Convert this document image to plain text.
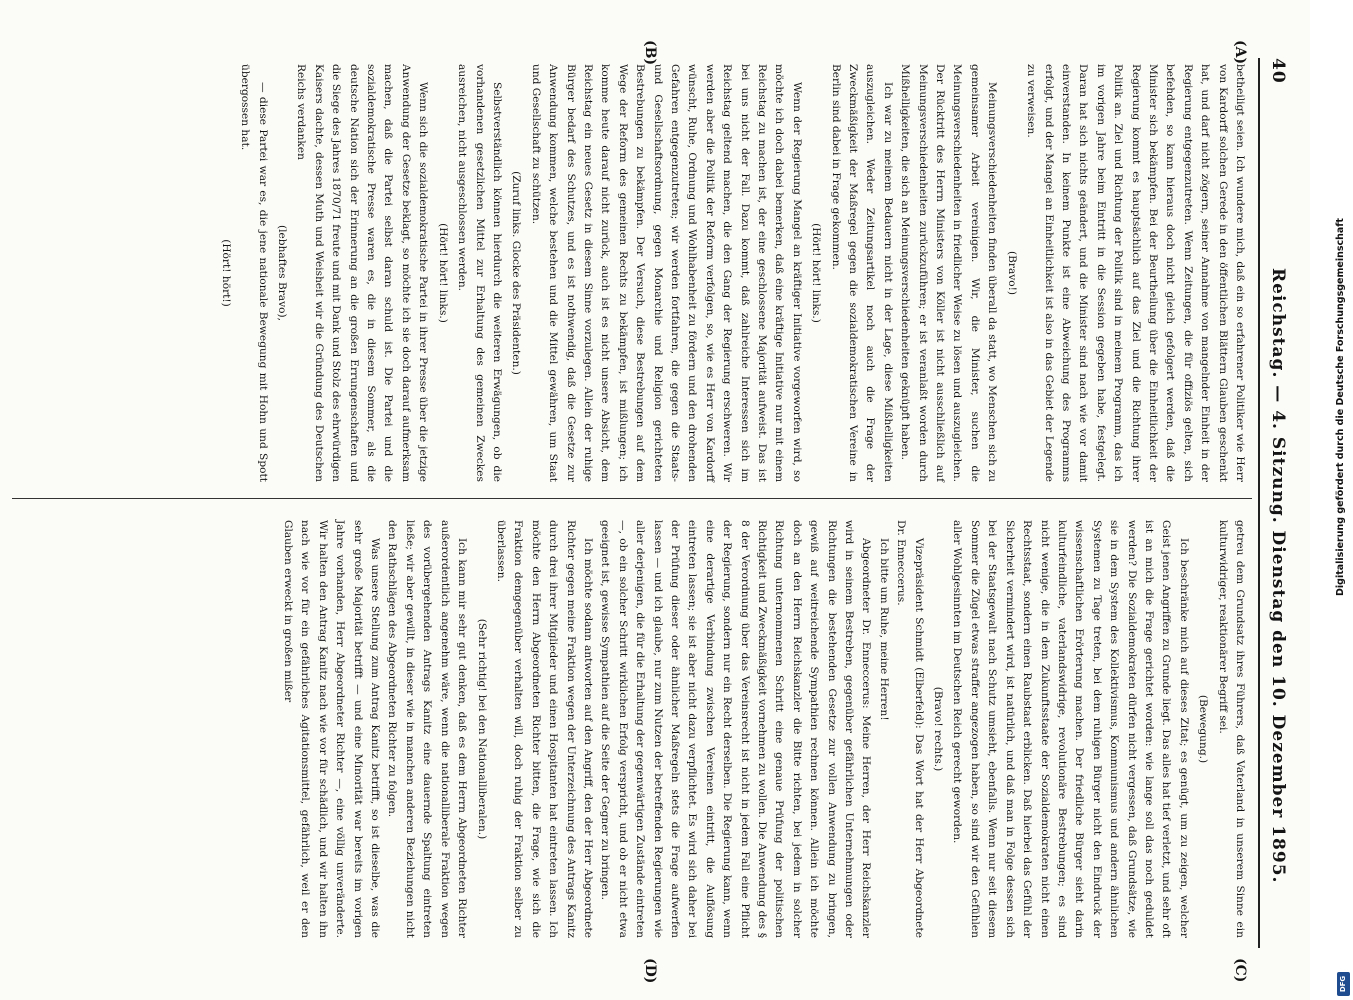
40
Reichstag. — 4. Sitzung. Dienstag den 10. Dezember 1895.
(A)
(B)
(C)
(D)

betheiligt seien. Ich wundere mich, daß ein so erfahrener Politiker wie Herr von Kardorff solchen Gerede in den öffentlichen Blättern Glauben geschenkt hat, und darf nicht zögern, seiner Annahme von mangelnder Einheit in der Regierung entgegenzutreten. Wenn Zeitungen, die für offiziös gelten, sich befehden, so kann hieraus doch nicht gleich gefolgert werden, daß die Minister sich bekämpfen. Bei der Beurtheilung über die Einheitlichkeit der Regierung kommt es hauptsächlich auf das Ziel und die Richtung ihrer Politik an. Ziel und Richtung der Politik sind in meinem Programm, das ich im vorigen Jahre beim Eintritt in die Session gegeben habe, festgelegt. Daran hat sich nichts geändert, und die Minister sind nach wie vor damit einverstanden. In keinem Punkte ist eine Abweichung des Programms erfolgt, und der Mangel an Einheitlichkeit ist also in das Gebiet der Legende zu verweisen.

(Bravo!)

Meinungsverschiedenheiten finden überall da statt, wo Menschen sich zu gemeinsamer Arbeit vereinigen. Wir, die Minister, suchen die Meinungsverschiedenheiten in friedlicher Weise zu lösen und auszugleichen. Der Rücktritt des Herrn Ministers von Köller ist nicht ausschließlich auf Meinungsverschiedenheiten zurückzuführen; er ist veranlaßt worden durch Mißhelligkeiten, die sich an Meinungsverschiedenheiten geknüpft haben.

Ich war zu meinem Bedauern nicht in der Lage, diese Mißhelligkeiten auszugleichen. Weder Zeitungsartikel noch auch die Frage der Zweckmäßigkeit der Maßregel gegen die sozialdemokratischen Vereine in Berlin sind dabei in Frage gekommen.

(Hört! hört! links.)

Wenn der Regierung Mangel an kräftiger Initiative vorgeworfen wird, so möchte ich doch dabei bemerken, daß eine kräftige Initiative nur mit einem Reichstag zu machen ist, der eine geschlossene Majorität aufweist. Das ist bei uns nicht der Fall. Dazu kommt, daß zahlreiche Interessen sich im Reichstag geltend machen, die den Gang der Regierung erschweren. Wir werden aber die Politik der Reform verfolgen, so, wie es Herr von Kardorff wünscht, Ruhe, Ordnung und Wohlhabenheit zu fördern und den drohenden Gefahren entgegenzutreten; wir werden fortfahren, die gegen die Staats- und Gesellschaftsordnung, gegen Monarchie und Religion gerichteten Bestrebungen zu bekämpfen. Der Versuch, diese Bestrebungen auf dem Wege der Reform des gemeinen Rechts zu bekämpfen, ist mißlungen; ich komme heute darauf nicht zurück, auch ist es nicht unsere Absicht, dem Reichstag ein neues Gesetz in diesem Sinne vorzulegen. Allein der ruhige Bürger bedarf des Schutzes, und es ist nothwendig, daß die Gesetze zur Anwendung kommen, welche bestehen und die Mittel gewähren, um Staat und Gesellschaft zu schützen.

(Zuruf links. Glocke des Präsidenten.)

Selbstverständlich können hierdurch die weiteren Erwägungen, ob die vorhandenen gesetzlichen Mittel zur Erhaltung des gemeinen Zweckes ausreichen, nicht ausgeschlossen werden.

(Hört! hört! links.)

Wenn sich die sozialdemokratische Partei in ihrer Presse über die jetzige Anwendung der Gesetze beklagt, so möchte ich sie doch darauf aufmerksam machen, daß die Partei selbst daran schuld ist. Die Partei und die sozialdemokratische Presse waren es, die in diesem Sommer, als die deutsche Nation sich der Erinnerung an die großen Errungenschaften und die Siege des Jahres 1870/71 freute und mit Dank und Stolz des ehrwürdigen Kaisers dachte, dessen Muth und Weisheit wir die Gründung des Deutschen Reichs verdanken

(lebhaftes Bravo),

— diese Partei war es, die jene nationale Bewegung mit Hohn und Spott übergossen hat.

(Hört! hört!)

getreu dem Grundsatz ihres Führers, daß Vaterland in unserem Sinne ein kulturwidriger, reaktionärer Begriff sei.

(Bewegung.)

Ich beschränke mich auf dieses Zitat; es genügt, um zu zeigen, welcher Geist jenen Angriffen zu Grunde liegt. Das alles hat tief verletzt, und sehr oft ist an mich die Frage gerichtet worden: wie lange soll das noch geduldet werden? Die Sozialdemokraten dürfen nicht vergessen, daß Grundsätze, wie sie in dem System des Kollektivismus, Kommunismus und andern ähnlichen Systemen zu Tage treten, bei dem ruhigen Bürger nicht den Eindruck der wissenschaftlichen Erörterung machen. Der friedliche Bürger sieht darin kulturfeindliche, vaterlandswidrige, revolutionäre Bestrebungen; es sind nicht wenige, die in dem Zukunftsstaate der Sozialdemokraten nicht einen Rechtsstaat, sondern einen Raubstaat erblicken. Daß hierbei das Gefühl der Sicherheit vermindert wird, ist natürlich, und daß man in Folge dessen sich bei der Staatsgewalt nach Schutz umsieht, ebenfalls. Wenn nur seit diesem Sommer die Zügel etwas straffer angezogen haben, so sind wir den Gefühlen aller Wohlgesinnten im Deutschen Reich gerecht geworden.

(Bravo! rechts.)

Vizepräsident Schmidt (Elberfeld): Das Wort hat der Herr Abgeordnete Dr. Enneccerus.

Ich bitte um Ruhe, meine Herren!

Abgeordneter Dr. Enneccerus: Meine Herren, der Herr Reichskanzler wird in seinem Bestreben, gegenüber gefährlichen Unternehmungen oder Richtungen die bestehenden Gesetze zur vollen Anwendung zu bringen, gewiß auf weitreichende Sympathien rechnen können. Allein ich möchte doch an den Herrn Reichskanzler die Bitte richten, bei jedem in solcher Richtung unternommenen Schritt eine genaue Prüfung der politischen Richtigkeit und Zweckmäßigkeit vornehmen zu wollen. Die Anwendung des § 8 der Verordnung über das Vereinsrecht ist nicht in jedem Fall eine Pflicht der Regierung, sondern nur ein Recht derselben. Die Regierung kann, wenn eine derartige Verbindung zwischen Vereinen eintritt, die Auflösung eintreten lassen; sie ist aber nicht dazu verpflichtet. Es wird sich daher bei der Prüfung dieser oder ähnlicher Maßregeln stets die Frage aufwerfen lassen — und ich glaube, nur zum Nutzen der betreffenden Regierungen wie aller derjenigen, die für die Erhaltung der gegenwärtigen Zustände eintreten —, ob ein solcher Schritt wirklichen Erfolg verspricht, und ob er nicht etwa geeignet ist, gewisse Sympathien auf die Seite der Gegner zu bringen.

Ich möchte sodann antworten auf den Angriff, den der Herr Abgeordnete Richter gegen meine Fraktion wegen der Unterzeichnung des Antrags Kanitz durch drei ihrer Mitglieder und einen Hospitanten hat eintreten lassen. Ich möchte den Herrn Abgeordneten Richter bitten, die Frage, wie sich die Fraktion demgegenüber verhalten will, doch ruhig der Fraktion selber zu überlassen.

(Sehr richtig! bei den Nationalliberalen.)

Ich kann mir sehr gut denken, daß es dem Herrn Abgeordneten Richter außerordentlich angenehm wäre, wenn die nationalliberale Fraktion wegen des vorübergehenden Antrags Kanitz eine dauernde Spaltung eintreten ließe; wir aber gewillt, in dieser wie in manchen anderen Beziehungen nicht den Rathschlägen des Abgeordneten Richter zu folgen.

Was unsere Stellung zum Antrag Kanitz betrifft, so ist dieselbe, was die sehr große Majorität betrifft — und eine Minorität war bereits im vorigen Jahre vorhanden, Herr Abgeordneter Richter —, eine völlig unveränderte. Wir halten den Antrag Kanitz nach wie vor für schädlich, und wir halten ihn nach wie vor für ein gefährliches Agitationsmittel, gefährlich, weil er den Glauben erweckt in großen mißer

Digitalisierung gefördert durch die Deutsche Forschungsgemeinschaft
DFG
